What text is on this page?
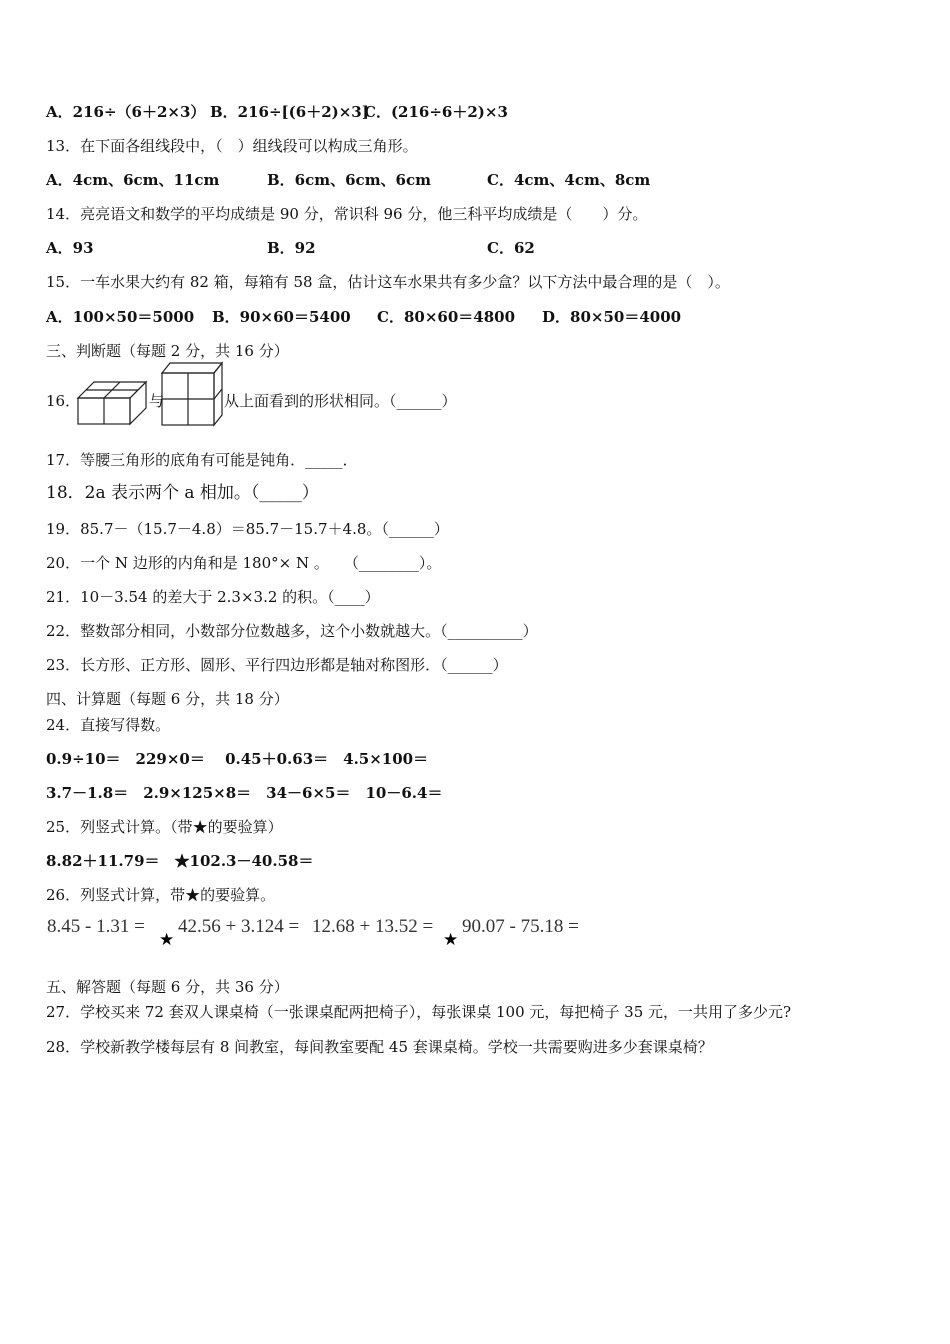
A．216÷（6＋2×3） B．216÷[(6＋2)×3]
C．(216÷6＋2)×3
13．在下面各组线段中，（　）组线段可以构成三角形。
A．4cm、6cm、11cm	B．6cm、6cm、6cm	C．4cm、4cm、8cm
14．亮亮语文和数学的平均成绩是 90 分，常识科 96 分，他三科平均成绩是（　　）分。
A．93	B．92	C．62
15．一车水果大约有 82 箱，每箱有 58 盒，估计这车水果共有多少盒？以下方法中最合理的是（　）。
A．100×50＝5000 B．90×60＝5400 C．80×60＝4800 D．80×50＝4000
三、判断题（每题 2 分，共 16 分）
16．	与	从上面看到的形状相同。（______）
17．等腰三角形的底角有可能是钝角．_____．
18．2a 表示两个 a 相加。（_____）
19．85.7－（15.7－4.8）＝85.7－15.7＋4.8。（______）
20．一个 N 边形的内角和是 180°× N 。　　（________）。
21．10－3.54 的差大于 2.3×3.2 的积。（____）
22．整数部分相同，小数部分位数越多，这个小数就越大。（__________）
23．长方形、正方形、圆形、平行四边形都是轴对称图形．（______）
四、计算题（每题 6 分，共 18 分）
24．直接写得数。
0.9÷10＝　229×0＝　 0.45＋0.63＝　4.5×100＝
3.7－1.8＝　2.9×125×8＝　34－6×5＝　10－6.4＝
25．列竖式计算。（带★的要验算）
8.82＋11.79＝　★102.3－40.58＝
26．列竖式计算，带★的要验算。
8.45 - 1.31 =
★
42.56 + 3.124 = 12.68 + 13.52 =
★
90.07 - 75.18 =
五、解答题（每题 6 分，共 36 分）
27．学校买来 72 套双人课桌椅（一张课桌配两把椅子），每张课桌 100 元，每把椅子 35 元，一共用了多少元?
28．学校新教学楼每层有 8 间教室，每间教室要配 45 套课桌椅。学校一共需要购进多少套课桌椅？
